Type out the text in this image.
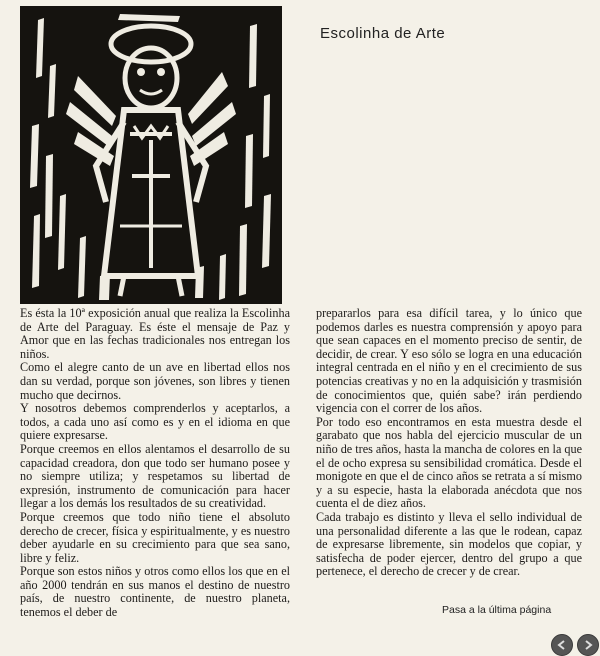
Escolinha de Arte

Es ésta la 10ª exposición anual que realiza la Escolinha de Arte del Paraguay. Es éste el mensaje de Paz y Amor que en las fechas tradicionales nos entregan los niños.

Como el alegre canto de un ave en libertad ellos nos dan su verdad, porque son jóvenes, son libres y tienen mucho que decirnos.

Y nosotros debemos comprenderlos y aceptarlos, a todos, a cada uno así como es y en el idioma en que quiere expresarse.

Porque creemos en ellos alentamos el desarrollo de su capacidad creadora, don que todo ser humano posee y no siempre utiliza; y respetamos su libertad de expresión, instrumento de comunicación para hacer llegar a los demás los resultados de su creatividad.

Porque creemos que todo niño tiene el absoluto derecho de crecer, física y espiritualmente, y es nuestro deber ayudarle en su crecimiento para que sea sano, libre y feliz.

Porque son estos niños y otros como ellos los que en el año 2000 tendrán en sus manos el destino de nuestro país, de nuestro continente, de nuestro planeta, tenemos el deber de

prepararlos para esa difícil tarea, y lo único que podemos darles es nuestra comprensión y apoyo para que sean capaces en el momento preciso de sentir, de decidir, de crear. Y eso sólo se logra en una educación integral centrada en el niño y en el crecimiento de sus potencias creativas y no en la adquisición y trasmisión de conocimientos que, quién sabe? irán perdiendo vigencia con el correr de los años.

Por todo eso encontramos en esta muestra desde el garabato que nos habla del ejercicio muscular de un niño de tres años, hasta la mancha de colores en la que el de ocho expresa su sensibilidad cromática. Desde el monigote en que el de cinco años se retrata a sí mismo y a su especie, hasta la elaborada anécdota que nos cuenta el de diez años.

Cada trabajo es distinto y lleva el sello individual de una personalidad diferente a las que le rodean, capaz de expresarse libremente, sin modelos que copiar, y satisfecha de poder ejercer, dentro del grupo a que pertenece, el derecho de crecer y de crear.

Pasa a la última página
